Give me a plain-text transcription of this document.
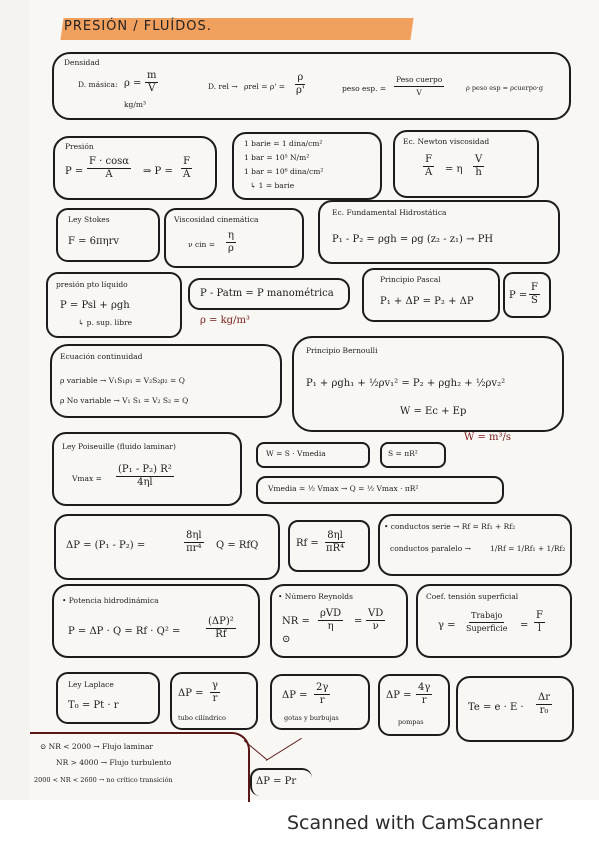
Scanned with CamScanner
PRESIÓN / FLUÍDOS.
Densidad
D. másica: $\rho = \frac{m}{V}$
kg/m³
D. rel → $\rho rel = \rho' = \frac{\rho}{\rho'}$	peso esp. =
Peso cuerpo
V	ρ peso esp = ρcuerpo·g
Presión
$P = \frac{F \cdot \cos\alpha}{A}$ ⇒ $P = \frac{F}{A}$
1 barie = 1 dina/cm²
1 bar = 10⁵ N/m²
1 bar = 10⁶ dina/cm²
↳ 1 = barie
Ec. Newton viscosidad
$\frac{F}{A} = \eta \frac{V}{h}$
Ley Stokes
F = 6πηrv
Viscosidad cinemática
ν cin = $\frac{\eta}{\rho}$
Ec. Fundamental Hidrostática
P₁ - P₂ = ρgh = ρg (z₂ - z₁) → PH
presión pto líquido
P = Psl + ρgh
↳ p. sup. libre
P - Patm = P manométrica
ρ = kg/m³
Principio Pascal
P₁ + ΔP = P₂ + ΔP
$P = \frac{F}{S}$
Ecuación continuidad
ρ variable → V₁S₁ρ₁ = V₂S₂ρ₂ = Q
ρ No variable → V₁ S₁ = V₂ S₂ = Q
Principio Bernoulli
P₁ + ρgh₁ + ½ρv₁² = P₂ + ρgh₂ + ½ρv₂²
W = Ec + Ep
Ley Poiseuille (fluido laminar)
$Vmax = \frac{\text{(P₁ - P₂) R²}}{4\eta l}$
W = S · Vmedia	S = πR²
W = m³/s
Vmedia = ½ Vmax → Q = ½ Vmax · πR²
ΔP = (P₁ - P₂) =	$\frac{8\eta l}{\text{πr⁴}}$ Q = RfQ	$Rf = \frac{8\eta l}{\text{πR⁴}}$
• conductos serie → Rf = Rf₁ + Rf₂
conductos paralelo →	1/Rf = 1/Rf₁ + 1/Rf₂
• Potencia hidrodinámica
P = ΔP · Q = Rf · Q² =	$\frac{\text{(ΔP)²}}{Rf}$
• Número Reynolds
NR =
⊙
ρVD
$\eta = \frac{VD}{\nu}$
Coef. tensión superficial
γ =
Trabajo
Superficie = $\frac{F}{l}$
Ley Laplace
T₀ = Pt · r
$\Delta P = \frac{\gamma}{r}$
tubo cilíndrico
$\Delta P = \frac{2\gamma}{r}$
gotas y burbujas
$\Delta P = \frac{4\gamma}{r}$
pompas
$Te = e \cdot E \cdot \frac{\Delta r}{\text{r₀}}$
⊙ NR < 2000 → Flujo laminar
NR > 4000 → Flujo turbulento
2000 < NR < 2600 → no crítico transición	ΔP = Pr
